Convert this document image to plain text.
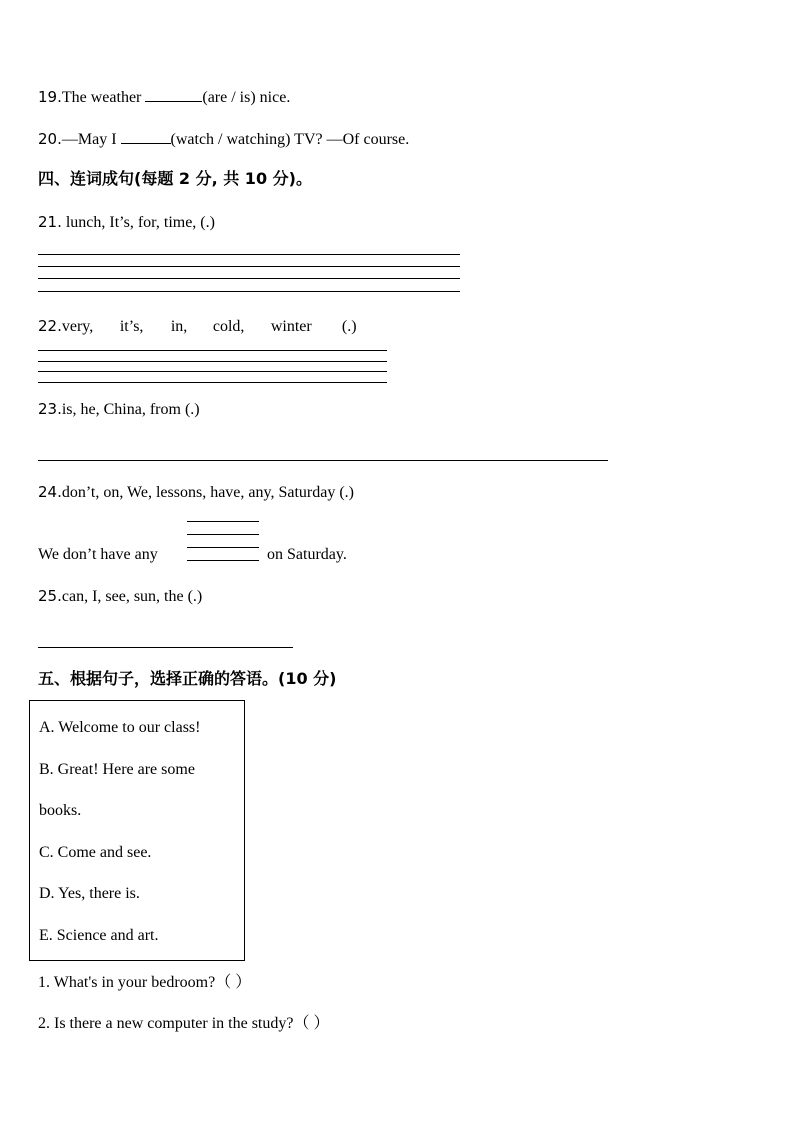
19.The weather	(are / is) nice.
20.—May I	(watch / watching) TV? —Of course.
四、连词成句(每题 2 分, 共 10 分)。
21. lunch, It’s, for, time, (.)
22.very, it’s, in, cold, winter (.)
23.is, he, China, from (.)
24.don’t, on, We, lessons, have, any, Saturday (.)
We don’t have any	on Saturday.
25.can, I, see, sun, the (.)
五、根据句子，选择正确的答语。(10 分)
A. Welcome to our class!
B. Great! Here are some
books.
C. Come and see.
D. Yes, there is.
E. Science and art.
1. What's in your bedroom?（ ）
2. Is there a new computer in the study?（ ）
